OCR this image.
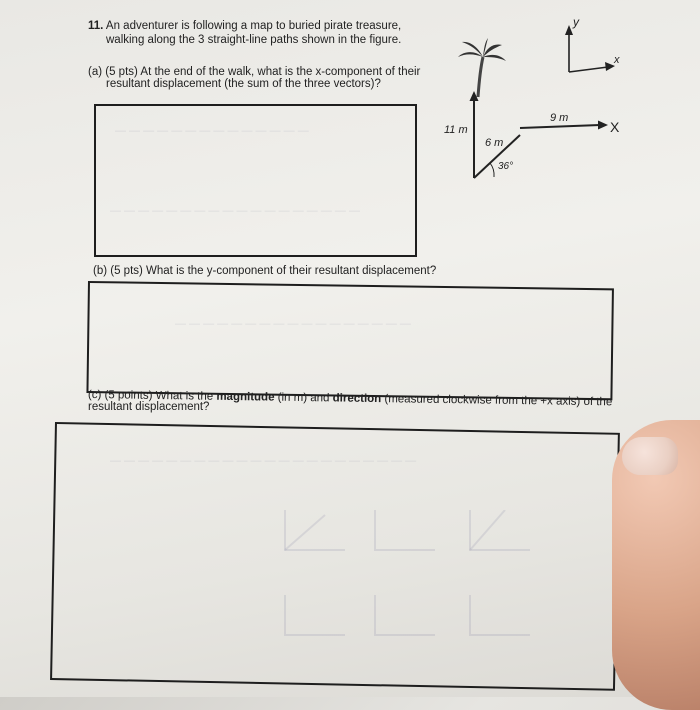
— — — — — — — — — — — — — —
— — — — — — — — — — — — — — — — — —
— — — — — — — — — — — — — — — — —
— — — — — — — — — — — — — — — — — — — — — —
11. An adventurer is following a map to buried pirate treasure,
walking along the 3 straight-line paths shown in the figure.
(a) (5 pts) At the end of the walk, what is the x-component of their
resultant displacement (the sum of the three vectors)?
(b) (5 pts) What is the y-component of their resultant displacement?
(c) (5 points) What is the magnitude (in m) and direction (measured clockwise from the +x axis) of the
resultant displacement?
y
x
11 m
6 m
9 m
36°
X
